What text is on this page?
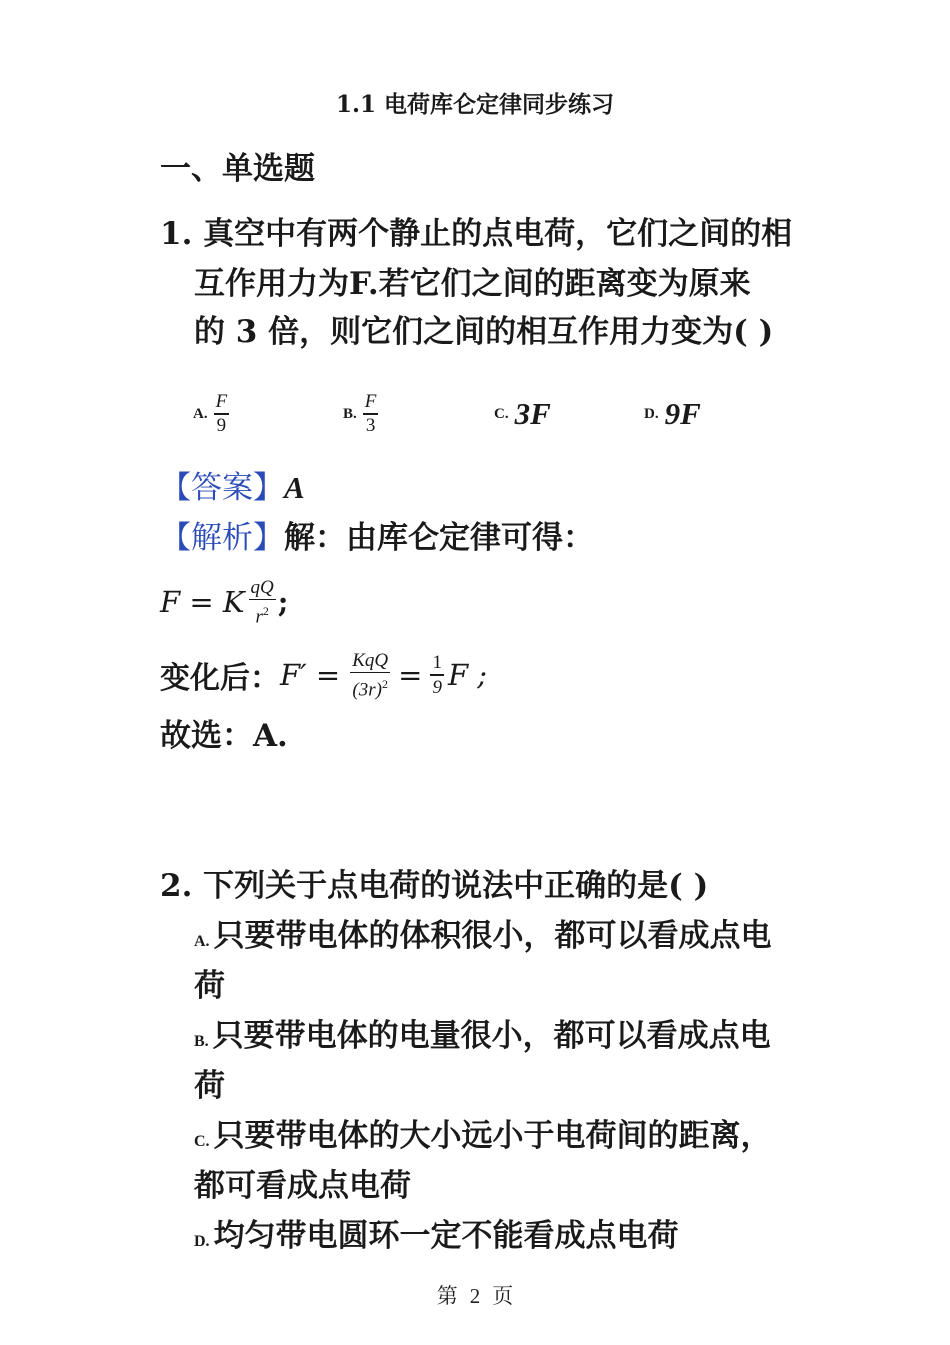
1.1 电荷库仑定律同步练习
一、单选题
1. 真空中有两个静止的点电荷，它们之间的相
互作用力为F.若它们之间的距离变为原来
的 3 倍，则它们之间的相互作用力变为( )
A. $\frac{F}{9}$	B. $\frac{F}{3}$	C. 3F	D. 9F
【答案】A
【解析】解：由库仑定律可得：
F = K $\frac{qQ}{r^2}$ ;
变化后： $F' = \frac{\text{KqQ}}{(3r)^2} = \frac{1}{9}$ F ;
故选：A.
2. 下列关于点电荷的说法中正确的是( )
A. 只要带电体的体积很小，都可以看成点电
荷
B. 只要带电体的电量很小，都可以看成点电
荷
C. 只要带电体的大小远小于电荷间的距离，
都可看成点电荷
D. 均匀带电圆环一定不能看成点电荷
第 2 页
